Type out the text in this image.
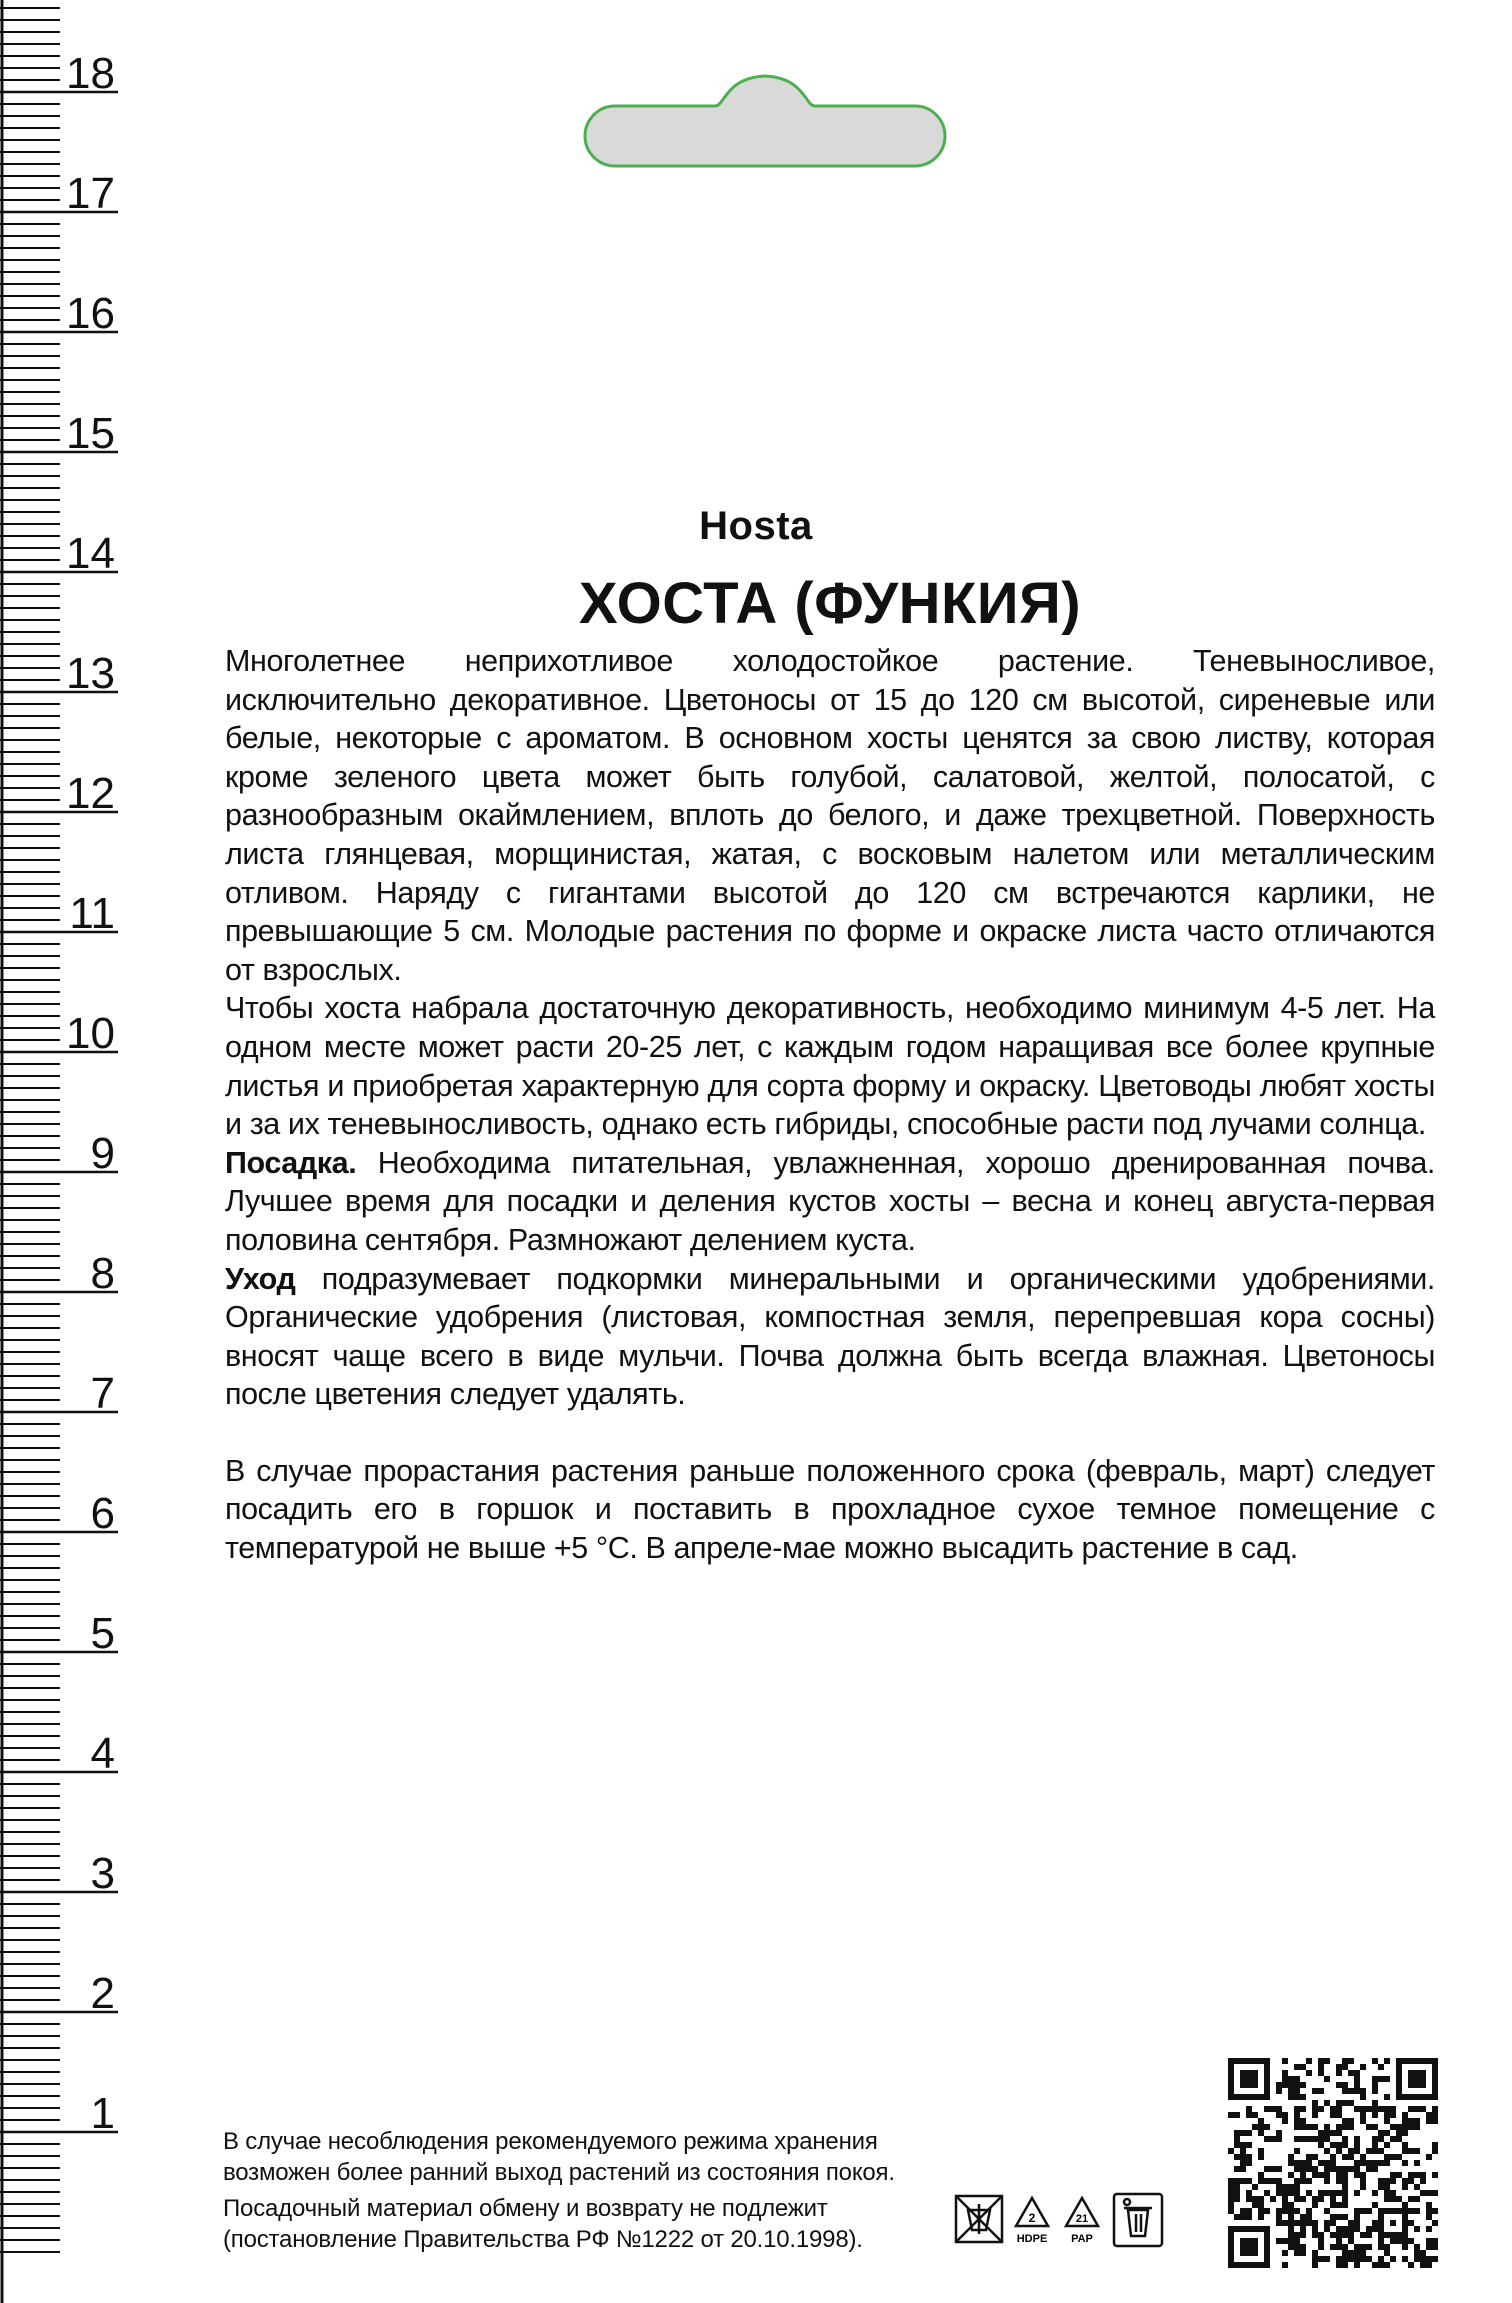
18
17
16
15
14
13
12
11
10
9
8
7
6
5
4
3
2
1
Hosta
ХОСТА (ФУНКИЯ)

Многолетнее неприхотливое холодостойкое растение. Теневыносливое, исключительно декоративное. Цветоносы от 15 до 120 см высотой, сиреневые или белые, некоторые с ароматом. В основном хосты ценятся за свою листву, которая кроме зеленого цвета может быть голубой, салатовой, желтой, полосатой, с разнообразным окаймлением, вплоть до белого, и даже трехцветной. Поверхность листа глянцевая, морщинистая, жатая, с восковым налетом или металлическим отливом. Наряду с гигантами высотой до 120 см встречаются карлики, не превышающие 5 см. Молодые растения по форме и окраске листа часто отличаются от взрослых.

Чтобы хоста набрала достаточную декоративность, необходимо минимум 4-5 лет. На одном месте может расти 20-25 лет, с каждым годом наращивая все более крупные листья и приобретая характерную для сорта форму и окраску. Цветоводы любят хосты и за их теневыносливость, однако есть гибриды, способные расти под лучами солнца.

Посадка. Необходима питательная, увлажненная, хорошо дренированная почва. Лучшее время для посадки и деления кустов хосты – весна и конец августа-первая половина сентября. Размножают делением куста.

Уход подразумевает подкормки минеральными и органическими удобрениями. Органические удобрения (листовая, компостная земля, перепревшая кора сосны) вносят чаще всего в виде мульчи. Почва должна быть всегда влажная. Цветоносы после цветения следует удалять.

В случае прорастания растения раньше положенного срока (февраль, март) следует посадить его в горшок и поставить в прохладное сухое темное помещение с температурой не выше +5 °С. В апреле-мае можно высадить растение в сад.

В случае несоблюдения рекомендуемого режима хранения
возможен более ранний выход растений из состояния покоя.
Посадочный материал обмену и возврату не подлежит
(постановление Правительства РФ №1222 от 20.10.1998).
2
HDPE
21
PAP
